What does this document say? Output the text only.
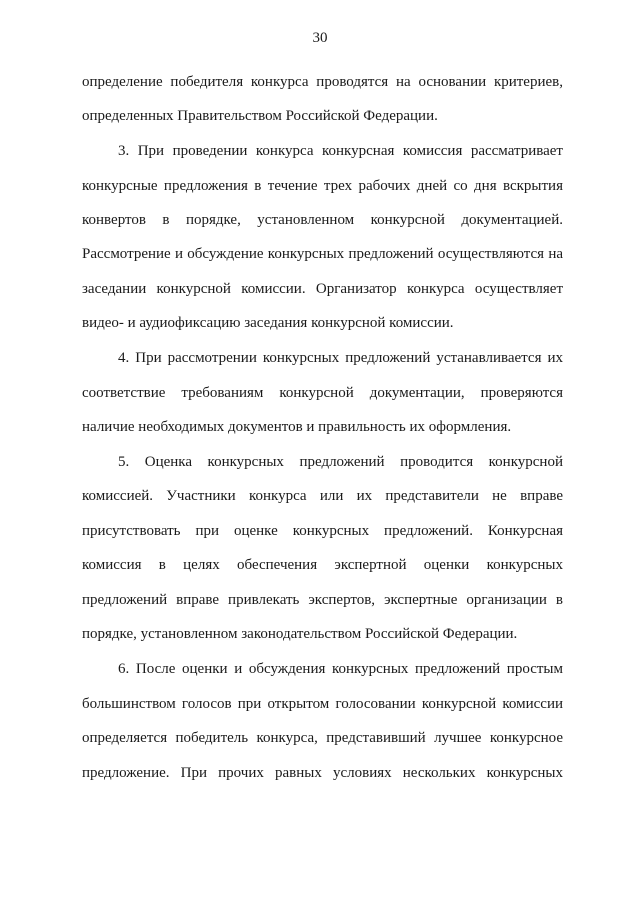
30
определение победителя конкурса проводятся на основании критериев,
определенных Правительством Российской Федерации.
3. При проведении конкурса конкурсная комиссия рассматривает
конкурсные предложения в течение трех рабочих дней со дня вскрытия
конвертов в порядке, установленном конкурсной документацией.
Рассмотрение и обсуждение конкурсных предложений осуществляются на
заседании конкурсной комиссии. Организатор конкурса осуществляет
видео- и аудиофиксацию заседания конкурсной комиссии.
4. При рассмотрении конкурсных предложений устанавливается их
соответствие требованиям конкурсной документации, проверяются
наличие необходимых документов и правильность их оформления.
5. Оценка конкурсных предложений проводится конкурсной
комиссией. Участники конкурса или их представители не вправе
присутствовать при оценке конкурсных предложений. Конкурсная
комиссия в целях обеспечения экспертной оценки конкурсных
предложений вправе привлекать экспертов, экспертные организации в
порядке, установленном законодательством Российской Федерации.
6. После оценки и обсуждения конкурсных предложений простым
большинством голосов при открытом голосовании конкурсной комиссии
определяется победитель конкурса, представивший лучшее конкурсное
предложение. При прочих равных условиях нескольких конкурсных
